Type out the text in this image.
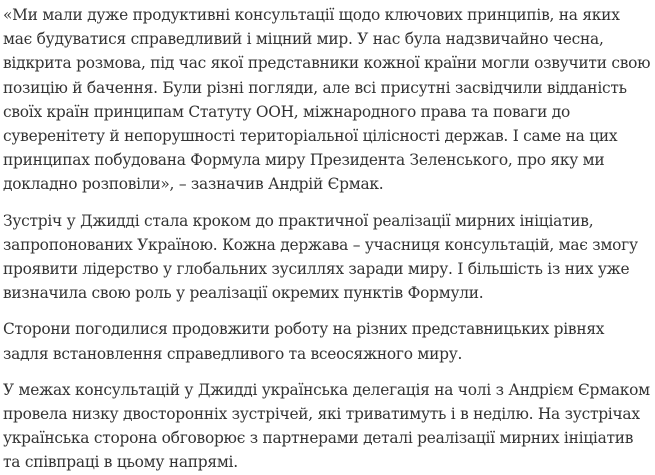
«Ми мали дуже продуктивні консультації щодо ключових принципів, на яких має будуватися справедливий і міцний мир. У нас була надзвичайно чесна, відкрита розмова, під час якої представники кожної країни могли озвучити свою позицію й бачення. Були різні погляди, але всі присутні засвідчили відданість своїх країн принципам Статуту ООН, міжнародного права та поваги до суверенітету й непорушності територіальної цілісності держав. І саме на цих принципах побудована Формула миру Президента Зеленського, про яку ми докладно розповіли», – зазначив Андрій Єрмак.

Зустріч у Джидді стала кроком до практичної реалізації мирних ініціатив, запропонованих Україною. Кожна держава – учасниця консультацій, має змогу проявити лідерство у глобальних зусиллях заради миру. І більшість із них уже визначила свою роль у реалізації окремих пунктів Формули.

Сторони погодилися продовжити роботу на різних представницьких рівнях задля встановлення справедливого та всеосяжного миру.

У межах консультацій у Джидді українська делегація на чолі з Андрієм Єрмаком провела низку двосторонніх зустрічей, які триватимуть і в неділю. На зустрічах українська сторона обговорює з партнерами деталі реалізації мирних ініціатив та співпраці в цьому напрямі.
